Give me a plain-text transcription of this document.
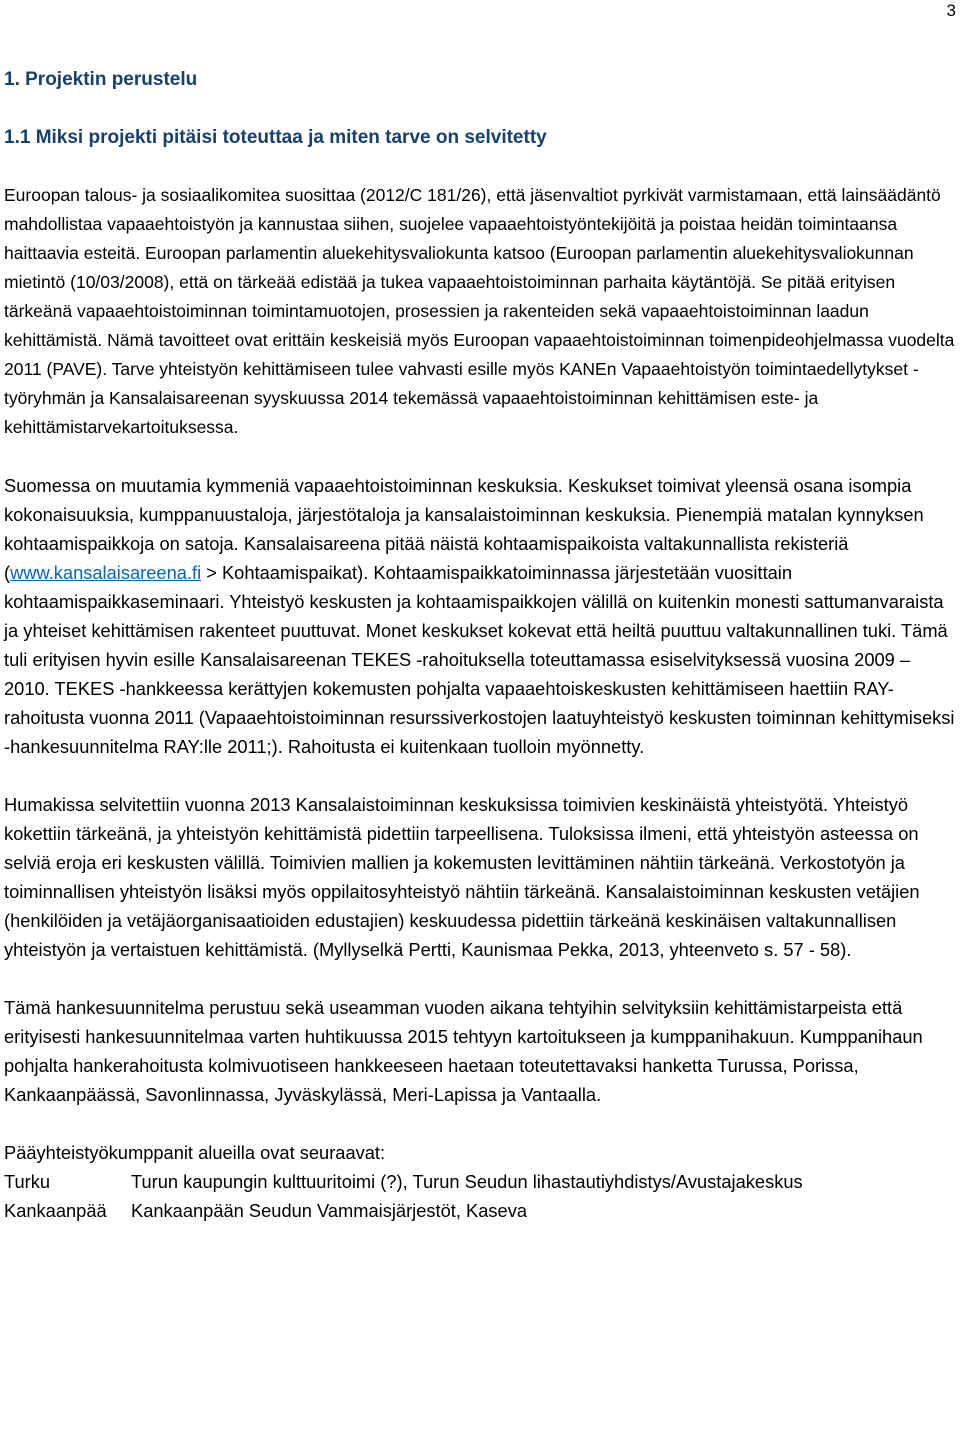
3
1. Projektin perustelu
1.1 Miksi projekti pitäisi toteuttaa ja miten tarve on selvitetty

Euroopan talous- ja sosiaalikomitea suosittaa (2012/C 181/26), että jäsenvaltiot pyrkivät varmistamaan, että lainsäädäntö mahdollistaa vapaaehtoistyön ja kannustaa siihen, suojelee vapaaehtoistyöntekijöitä ja poistaa heidän toimintaansa haittaavia esteitä. Euroopan parlamentin aluekehitysvaliokunta katsoo (Euroopan parlamentin aluekehitysvaliokunnan mietintö (10/03/2008), että on tärkeää edistää ja tukea vapaaehtoistoiminnan parhaita käytäntöjä. Se pitää erityisen tärkeänä vapaaehtoistoiminnan toimintamuotojen, prosessien ja rakenteiden sekä vapaaehtoistoiminnan laadun kehittämistä. Nämä tavoitteet ovat erittäin keskeisiä myös Euroopan vapaaehtoistoiminnan toimenpideohjelmassa vuodelta 2011 (PAVE). Tarve yhteistyön kehittämiseen tulee vahvasti esille myös KANEn Vapaaehtoistyön toimintaedellytykset -työryhmän ja Kansalaisareenan syyskuussa 2014 tekemässä vapaaehtoistoiminnan kehittämisen este- ja kehittämistarvekartoituksessa.

Suomessa on muutamia kymmeniä vapaaehtoistoiminnan keskuksia. Keskukset toimivat yleensä osana isompia kokonaisuuksia, kumppanuustaloja, järjestötaloja ja kansalaistoiminnan keskuksia. Pienempiä matalan kynnyksen kohtaamispaikkoja on satoja. Kansalaisareena pitää näistä kohtaamispaikoista valtakunnallista rekisteriä (www.kansalaisareena.fi > Kohtaamispaikat). Kohtaamispaikkatoiminnassa järjestetään vuosittain kohtaamispaikkaseminaari. Yhteistyö keskusten ja kohtaamispaikkojen välillä on kuitenkin monesti sattumanvaraista ja yhteiset kehittämisen rakenteet puuttuvat. Monet keskukset kokevat että heiltä puuttuu valtakunnallinen tuki. Tämä tuli erityisen hyvin esille Kansalaisareenan TEKES -rahoituksella toteuttamassa esiselvityksessä vuosina 2009 – 2010. TEKES -hankkeessa kerättyjen kokemusten pohjalta vapaaehtoiskeskusten kehittämiseen haettiin RAY-rahoitusta vuonna 2011 (Vapaaehtoistoiminnan resurssiverkostojen laatuyhteistyö keskusten toiminnan kehittymiseksi -hankesuunnitelma RAY:lle 2011;). Rahoitusta ei kuitenkaan tuolloin myönnetty.

Humakissa selvitettiin vuonna 2013 Kansalaistoiminnan keskuksissa toimivien keskinäistä yhteistyötä. Yhteistyö kokettiin tärkeänä, ja yhteistyön kehittämistä pidettiin tarpeellisena. Tuloksissa ilmeni, että yhteistyön asteessa on selviä eroja eri keskusten välillä. Toimivien mallien ja kokemusten levittäminen nähtiin tärkeänä. Verkostotyön ja toiminnallisen yhteistyön lisäksi myös oppilaitosyhteistyö nähtiin tärkeänä. Kansalaistoiminnan keskusten vetäjien (henkilöiden ja vetäjäorganisaatioiden edustajien) keskuudessa pidettiin tärkeänä keskinäisen valtakunnallisen yhteistyön ja vertaistuen kehittämistä. (Myllyselkä Pertti, Kaunismaa Pekka, 2013, yhteenveto s. 57 - 58).

Tämä hankesuunnitelma perustuu sekä useamman vuoden aikana tehtyihin selvityksiin kehittämistarpeista että erityisesti hankesuunnitelmaa varten huhtikuussa 2015 tehtyyn kartoitukseen ja kumppanihakuun. Kumppanihaun pohjalta hankerahoitusta kolmivuotiseen hankkeeseen haetaan toteutettavaksi hanketta Turussa, Porissa, Kankaanpäässä, Savonlinnassa, Jyväskylässä, Meri-Lapissa ja Vantaalla.

Pääyhteistyökumppanit alueilla ovat seuraavat:

Turku	Turun kaupungin kulttuuritoimi (?), Turun Seudun lihastautiyhdistys/Avustajakeskus
Kankaanpää	Kankaanpään Seudun Vammaisjärjestöt, Kaseva
